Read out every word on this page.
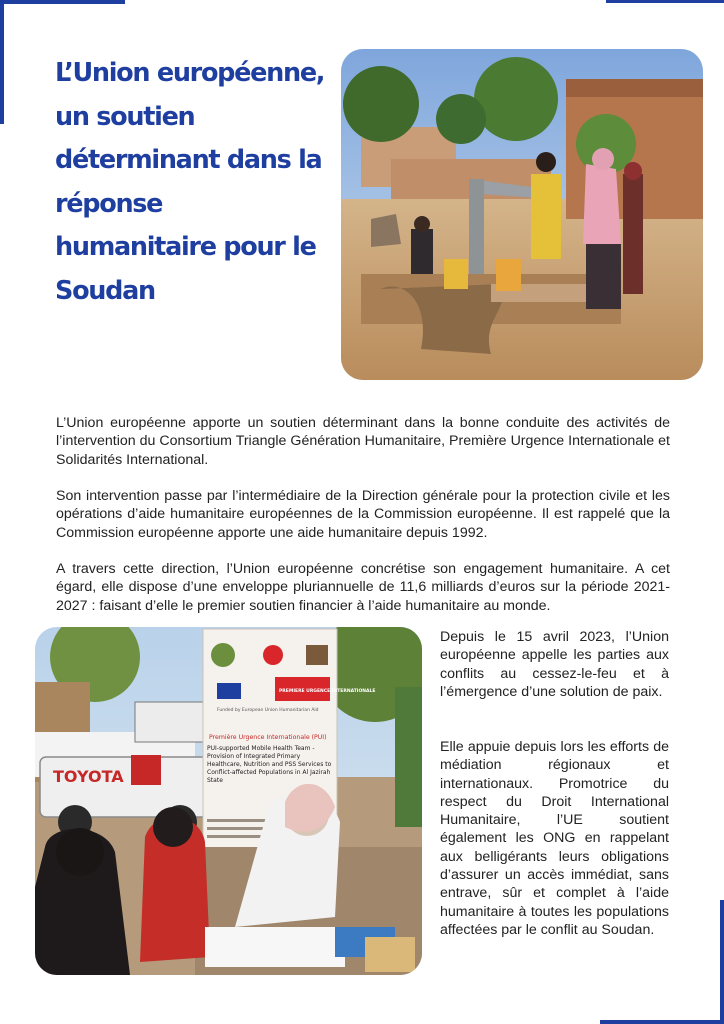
L’Union européenne, un soutien déterminant dans la réponse humanitaire pour le Soudan

L’Union européenne apporte un soutien déterminant dans la bonne conduite des activités de l’intervention du Consortium Triangle Génération Humanitaire, Première Urgence Internationale et Solidarités International.

Son intervention passe par l’intermédiaire de la Direction générale pour la protection civile et les opérations d’aide humanitaire européennes de la Commission européenne. Il est rappelé que la Commission européenne apporte une aide humanitaire depuis 1992.

A travers cette direction, l’Union européenne concrétise son engagement humanitaire. A cet égard, elle dispose d’une enveloppe pluriannuelle de 11,6 milliards d’euros sur la période 2021-2027 : faisant d’elle le premier soutien financier à l’aide humanitaire au monde.

TOYOTA
Funded by European Union Humanitarian Aid
PREMIERE URGENCE INTERNATIONALE
Première Urgence Internationale (PUI)
PUI-supported Mobile Health Team - Provision of Integrated Primary Healthcare, Nutrition and PSS Services to Conflict-affected Populations in Al Jazirah State

Depuis le 15 avril 2023, l’Union européenne appelle les parties aux conflits au cessez-le-feu et à l’émergence d’une solution de paix.

Elle appuie depuis lors les efforts de médiation régionaux et internationaux. Promotrice du respect du Droit International Humanitaire, l’UE soutient également les ONG en rappelant aux belligérants leurs obligations d’assurer un accès immédiat, sans entrave, sûr et complet à l’aide humanitaire à toutes les populations affectées par le conflit au Soudan.
